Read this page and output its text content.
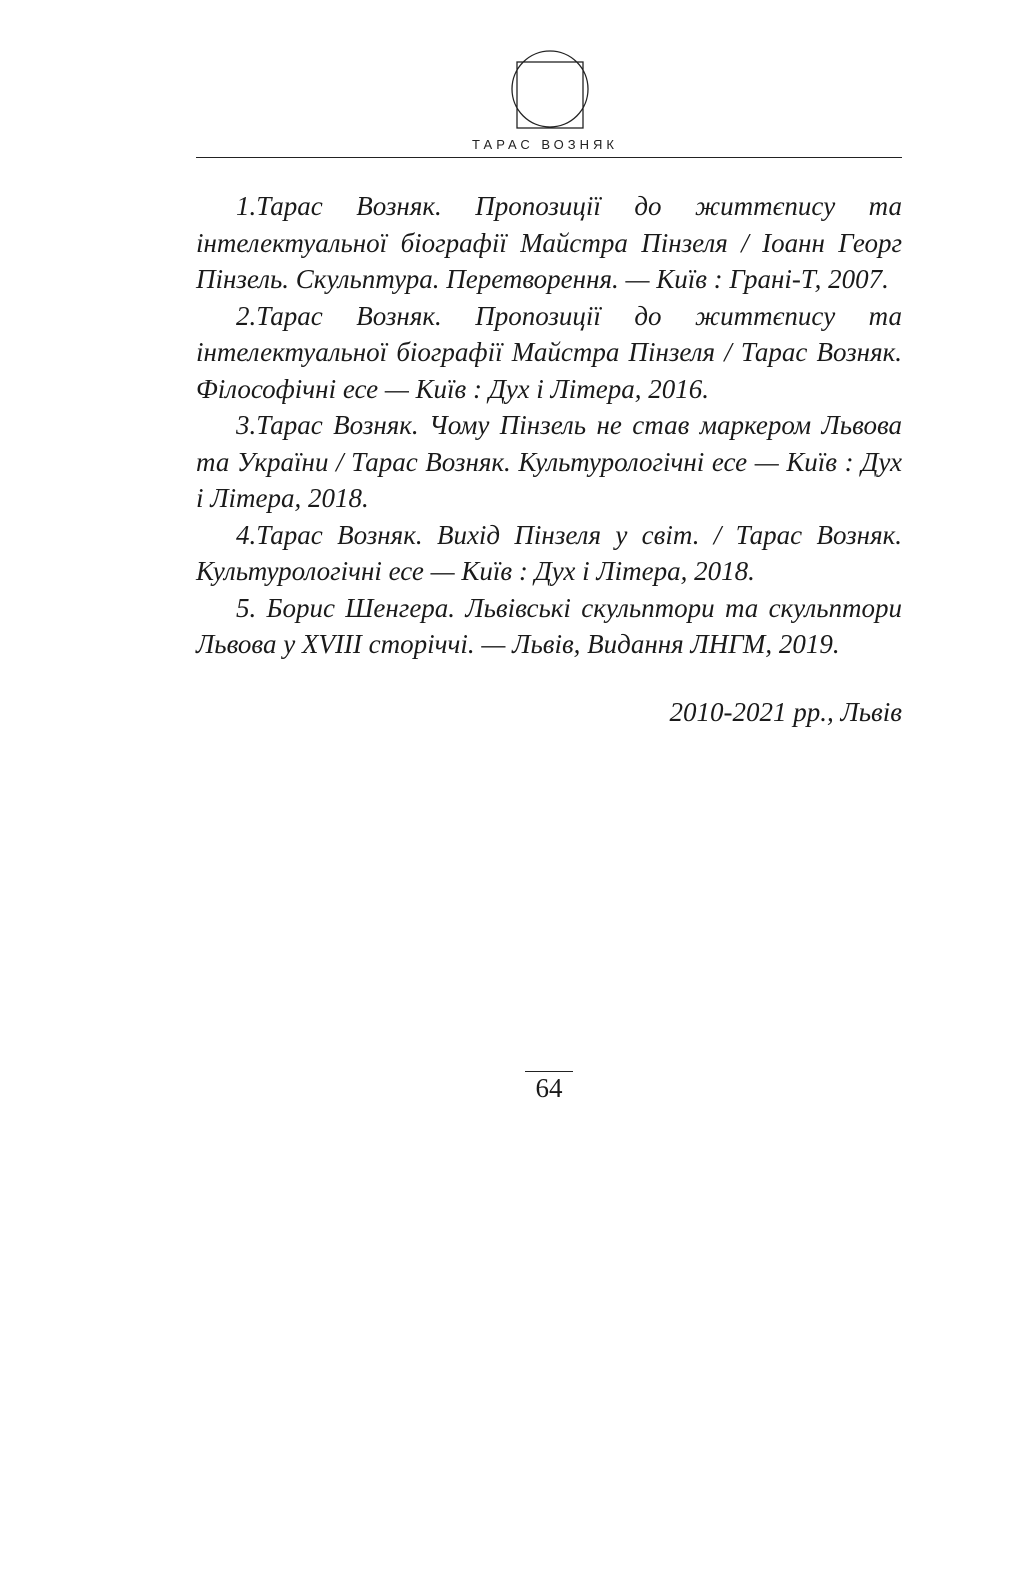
ТАРАС ВОЗНЯК

1.Тарас Возняк. Пропозиції до життєпису та інтелектуальної біографії Майстра Пінзеля / Іоанн Георг Пінзель. Скульптура. Перетворення. — Київ : Грані-Т, 2007.

2.Тарас Возняк. Пропозиції до життєпису та інтелектуальної біографії Майстра Пінзеля / Тарас Возняк. Філософічні есе — Київ : Дух і Літера, 2016.

3.Тарас Возняк. Чому Пінзель не став маркером Львова та України / Тарас Возняк. Культурологічні есе — Київ : Дух і Літера, 2018.

4.Тарас Возняк. Вихід Пінзеля у світ. / Тарас Возняк. Культурологічні есе — Київ : Дух і Літера, 2018.

5. Борис Шенгера. Львівські скульптори та скульптори Львова у XVIII сторіччі. — Львів, Видання ЛНГМ, 2019.

2010-2021 рр., Львів
64
